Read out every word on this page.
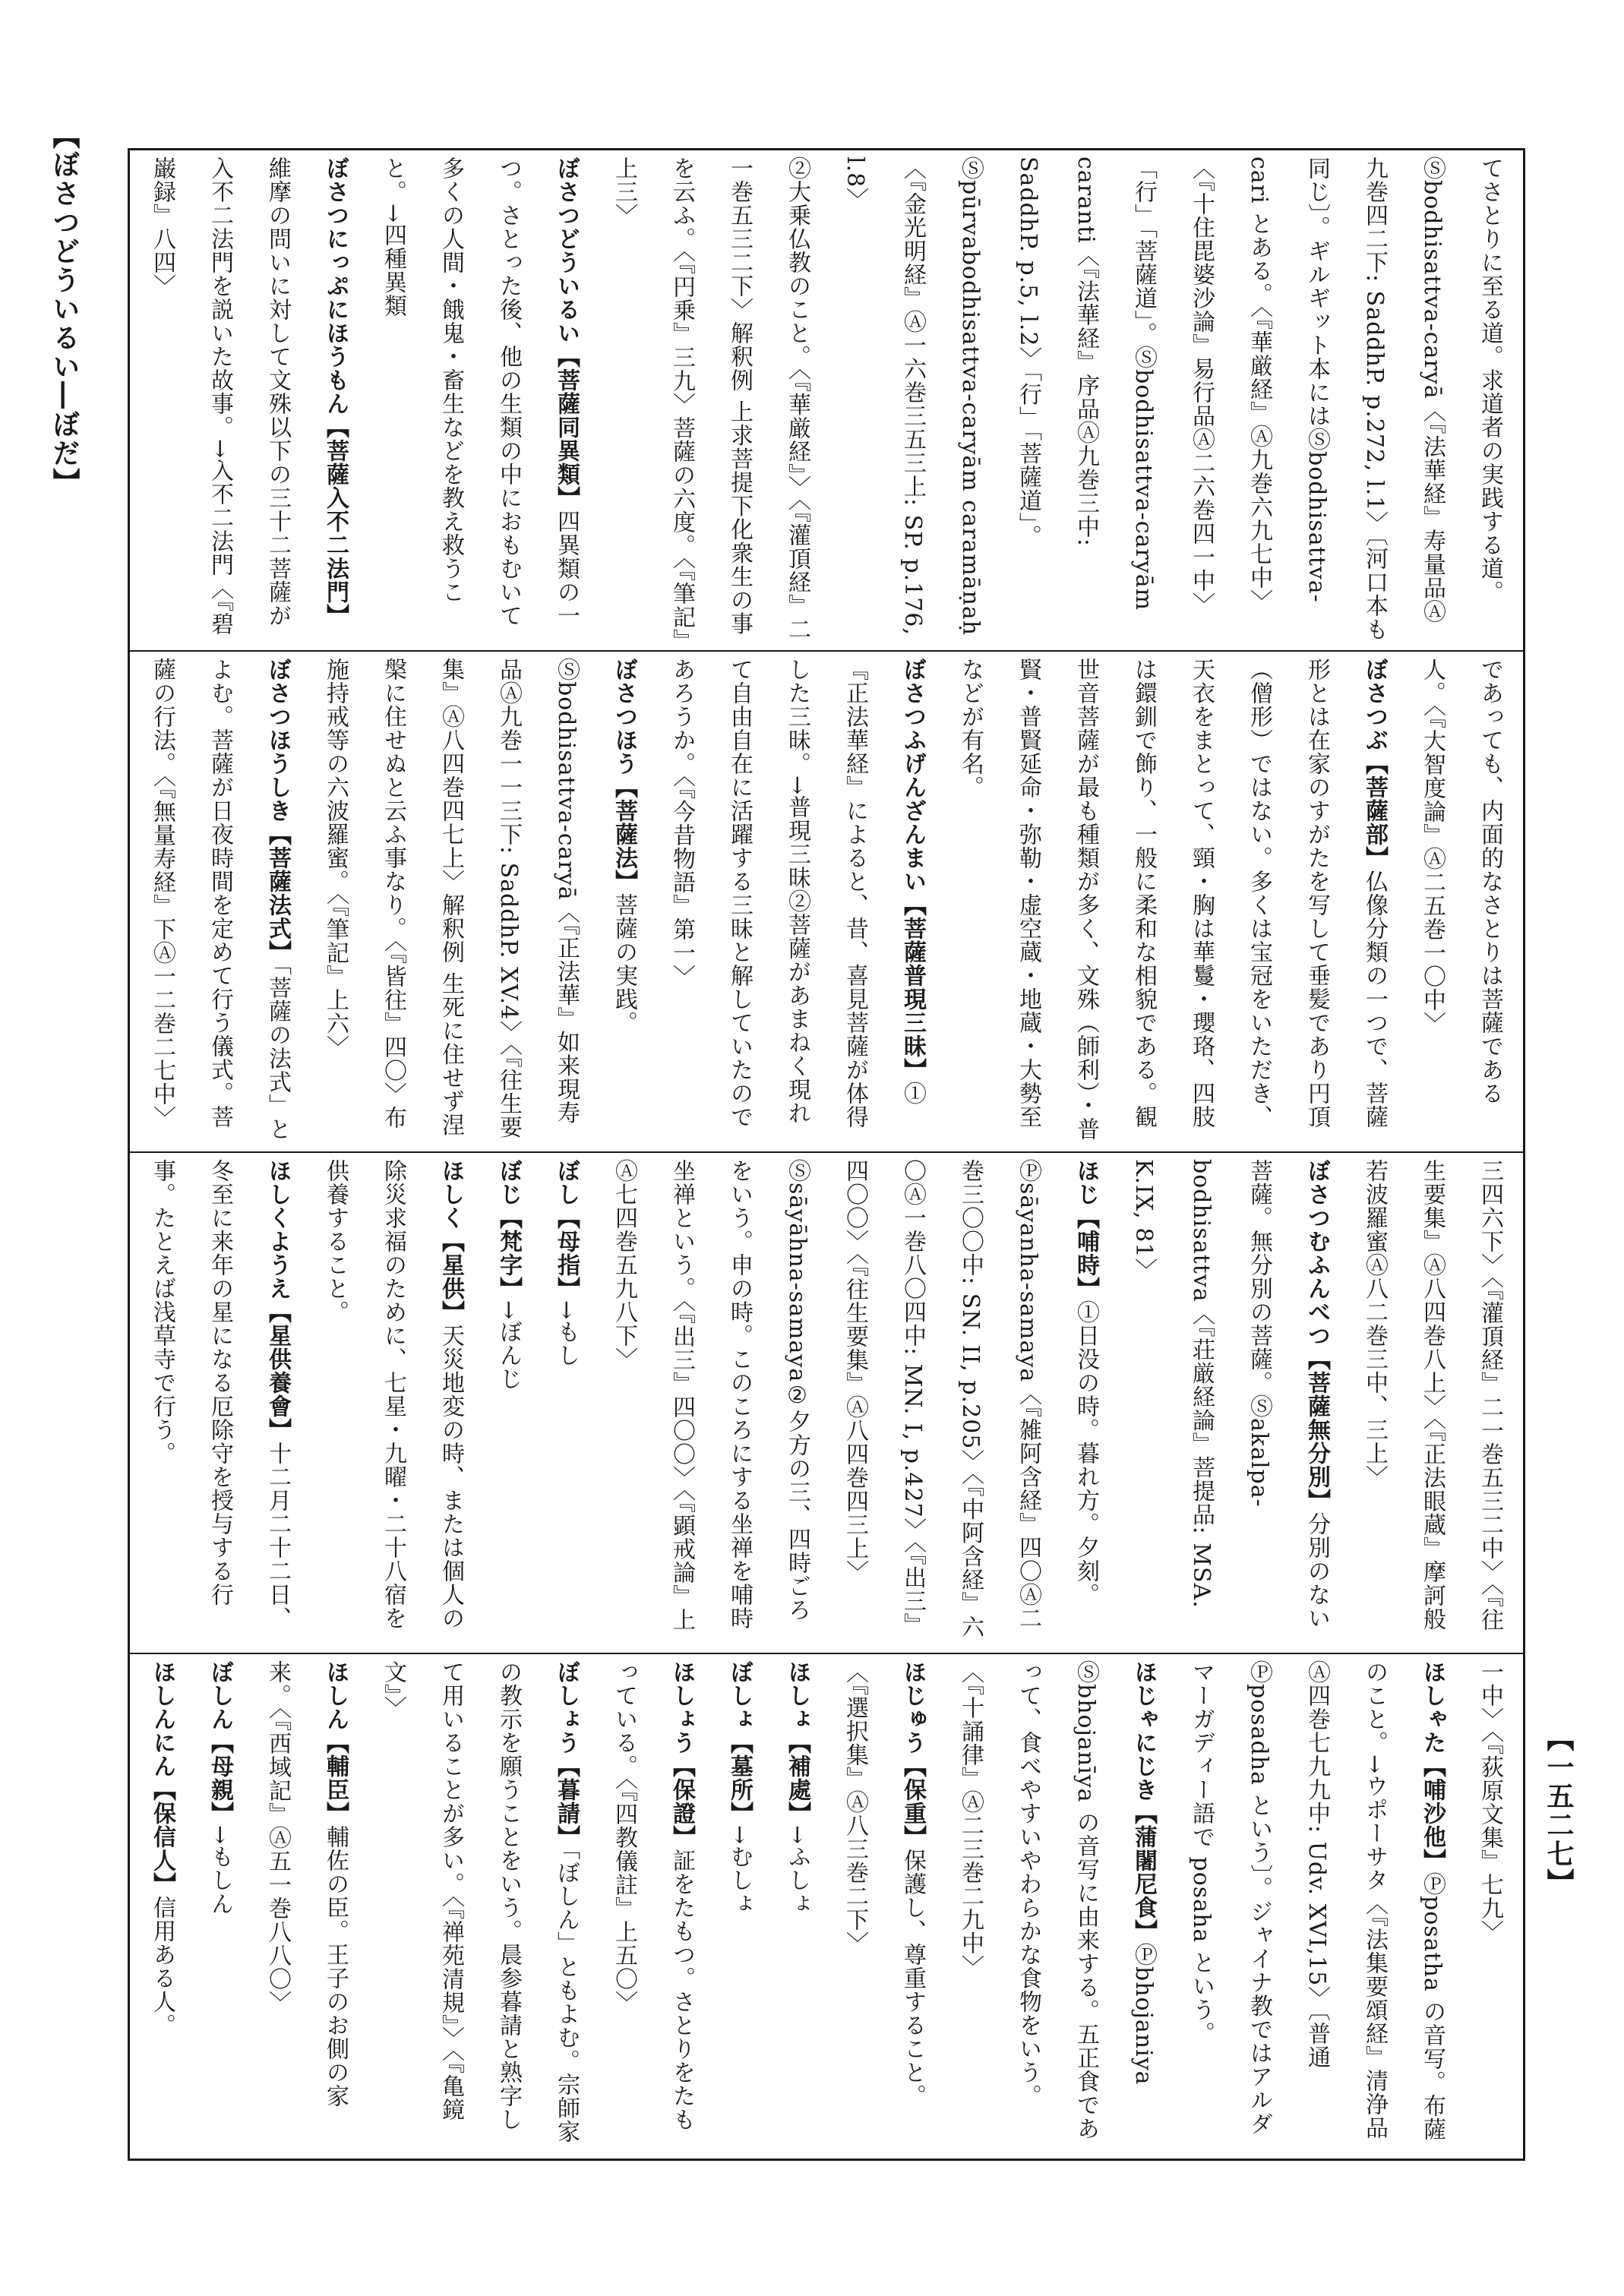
【ぼさつどういるい―ぼだ】
【一五二七】

てさとりに至る道。求道者の実践する道。Ⓢbodhisattva-caryā〈『法華経』寿量品Ⓐ九巻四二下: SaddhP. p.272, l.1〉〔河口本も同じ〕。ギルギット本にはⓈbodhisattva-cari とある。〈『華厳経』Ⓐ九巻六九七中〉〈『十住毘婆沙論』易行品Ⓐ二六巻四一中〉「行」「菩薩道」。Ⓢbodhisattva-caryām caranti〈『法華経』序品Ⓐ九巻三中: SaddhP. p.5, l.2〉「行」「菩薩道」。Ⓢpūrvabodhisattva-caryām caramāṇaḥ〈『金光明経』Ⓐ一六巻三五三上: SP. p.176, l.8〉

②大乗仏教のこと。〈『華厳経』〉〈『灌頂経』二一巻五三二下〉解釈例 上求菩提下化衆生の事を云ふ。〈『円乗』三九〉菩薩の六度。〈『筆記』上三〉

ぼさつどういるい【菩薩同異類】四異類の一つ。さとった後、他の生類の中におもむいて多くの人間・餓鬼・畜生などを教え救うこと。→四種異類

ぼさつにっぷにほうもん【菩薩入不二法門】維摩の問いに対して文殊以下の三十二菩薩が入不二法門を説いた故事。→入不二法門〈『碧巌録』八四〉

であっても、内面的なさとりは菩薩である人。〈『大智度論』Ⓐ二五巻一〇中〉

ぼさつぶ【菩薩部】仏像分類の一つで、菩薩形とは在家のすがたを写して垂髪であり円頂（僧形）ではない。多くは宝冠をいただき、天衣をまとって、頸・胸は華鬘・瓔珞、四肢は鐶釧で飾り、一般に柔和な相貌である。観世音菩薩が最も種類が多く、文殊（師利）・普賢・普賢延命・弥勒・虚空蔵・地蔵・大勢至などが有名。

ぼさつふげんざんまい【菩薩普現三昧】①『正法華経』によると、昔、喜見菩薩が体得した三昧。→普現三昧②菩薩があまねく現れて自由自在に活躍する三昧と解していたのであろうか。〈『今昔物語』第一〉

ぼさつほう【菩薩法】菩薩の実践。Ⓢbodhisattva-caryā〈『正法華』如来現寿品Ⓐ九巻一一三下: SaddhP. XV.4〉〈『往生要集』Ⓐ八四巻四七上〉解釈例 生死に住せず涅槃に住せぬと云ふ事なり。〈『皆往』四〇〉布施持戒等の六波羅蜜。〈『筆記』上六〉

ぼさつほうしき【菩薩法式】「菩薩の法式」とよむ。菩薩が日夜時間を定めて行う儀式。菩薩の行法。〈『無量寿経』下Ⓐ一二巻二七中〉

三四六下〉〈『灌頂経』二一巻五三二中〉〈『往生要集』Ⓐ八四巻八上〉〈『正法眼蔵』摩訶般若波羅蜜Ⓐ八二巻三中、三上〉

ぼさつむふんべつ【菩薩無分別】分別のない菩薩。無分別の菩薩。Ⓢakalpa-bodhisattva〈『荘厳経論』菩提品: MSA. K.IX, 81〉

ほじ【哺時】①日没の時。暮れ方。夕刻。Ⓟsāyanha-samaya〈『雑阿含経』四〇Ⓐ二巻三〇〇中: SN. II, p.205〉〈『中阿含経』六〇Ⓐ一巻八〇四中: MN. I, p.427〉〈『出三』四〇〇〉〈『往生要集』Ⓐ八四巻四三上〉Ⓢsāyāhna-samaya②夕方の三、四時ごろをいう。申の時。このころにする坐禅を哺時坐禅という。〈『出三』四〇〇〉〈『顕戒論』上Ⓐ七四巻五九八下〉

ぼし【母指】→もし

ぼじ【梵字】→ぼんじ

ほしく【星供】天災地変の時、または個人の除災求福のために、七星・九曜・二十八宿を供養すること。

ほしくようえ【星供養會】十二月二十二日、冬至に来年の星になる厄除守を授与する行事。たとえば浅草寺で行う。

一中〉〈『荻原文集』七九〉

ほしゃた【哺沙他】Ⓟposatha の音写。布薩のこと。→ウポーサタ〈『法集要頌経』清浄品Ⓐ四巻七九九中: Udv. XVI,15〉〔普通Ⓟposadha という〕。ジャイナ教ではアルダマーガディー語で posaha という。

ほじゃにじき【蒲闍尼食】Ⓟbhojaniya Ⓢbhojanīya の音写に由来する。五正食であって、食べやすいやわらかな食物をいう。〈『十誦律』Ⓐ二三巻二九中〉

ほじゅう【保重】保護し、尊重すること。〈『選択集』Ⓐ八三巻二下〉

ほしょ【補處】→ふしょ

ぼしょ【墓所】→むしょ

ほしょう【保證】証をたもつ。さとりをたもっている。〈『四教儀註』上五〇〉

ぼしょう【暮請】「ぼしん」ともよむ。宗師家の教示を願うことをいう。晨参暮請と熟字して用いることが多い。〈『禅苑清規』〉〈『亀鏡文』〉

ほしん【輔臣】輔佐の臣。王子のお側の家来。〈『西域記』Ⓐ五一巻八八〇〉

ぼしん【母親】→もしん

ほしんにん【保信人】信用ある人。
